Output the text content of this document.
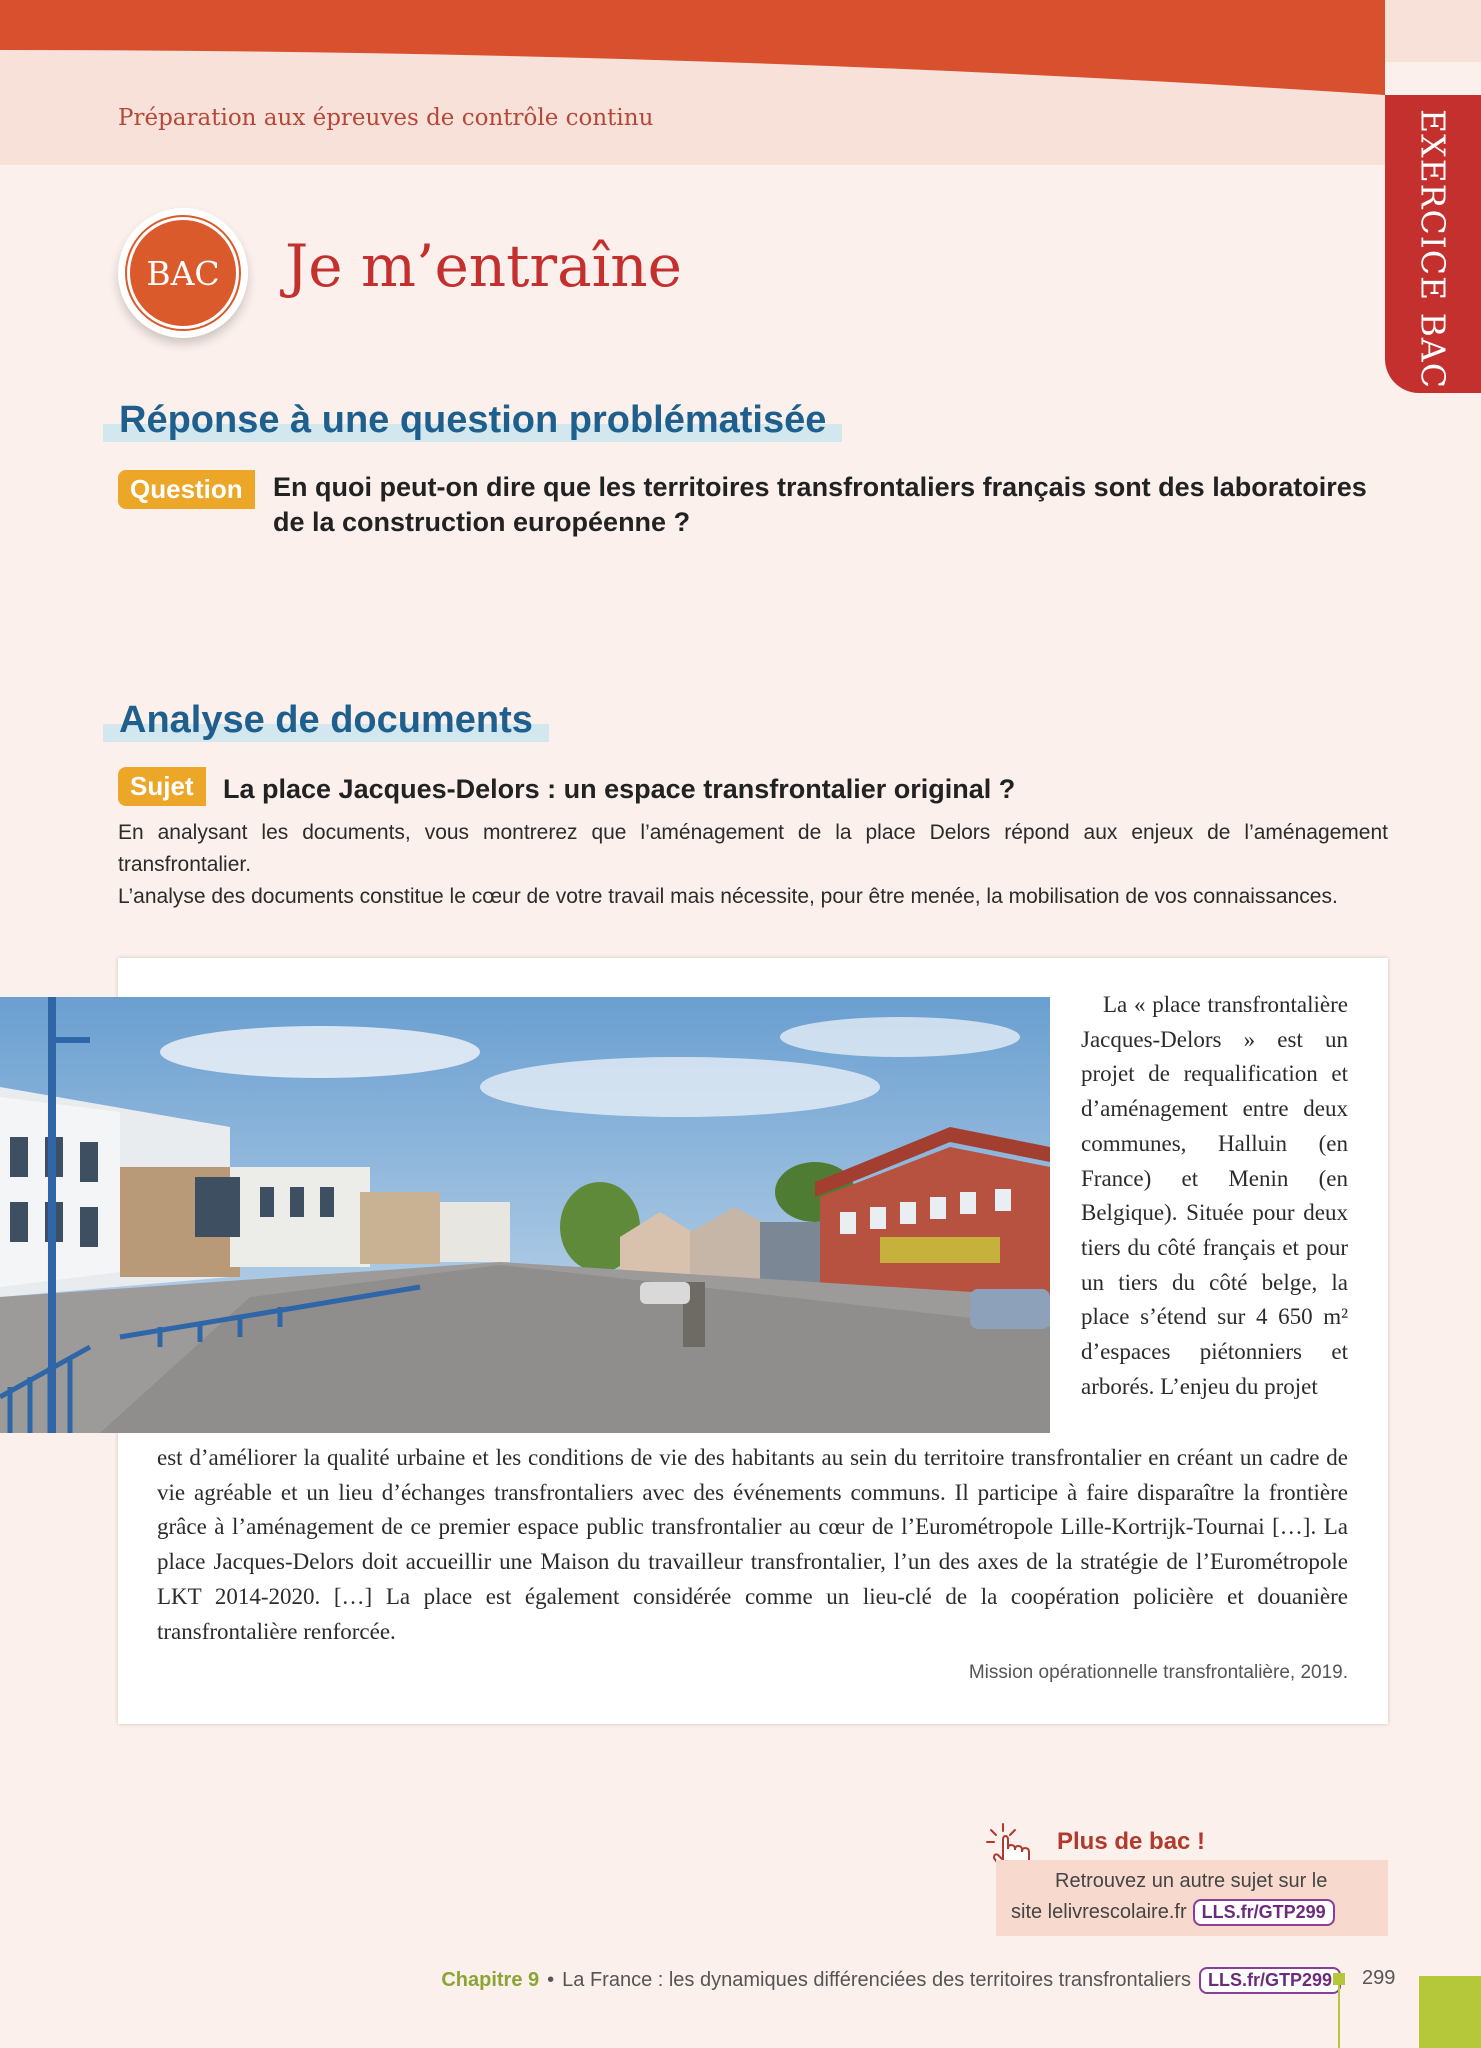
EXERCICE BAC
Préparation aux épreuves de contrôle continu
BAC	Je m’entraîne
Réponse à une question problématisée
Question	En quoi peut-on dire que les territoires transfrontaliers français sont des laboratoires de la construction européenne ?
Analyse de documents
Sujet	La place Jacques-Delors : un espace transfrontalier original ?
En analysant les documents, vous montrerez que l’aménagement de la place Delors répond aux enjeux de l’aménagement transfrontalier.
L’analyse des documents constitue le cœur de votre travail mais nécessite, pour être menée, la mobilisation de vos connaissances.

La « place transfrontalière Jacques-Delors » est un projet de requalification et d’aménagement entre deux communes, Halluin (en France) et Menin (en Belgique). Située pour deux tiers du côté français et pour un tiers du côté belge, la place s’étend sur 4 650 m² d’espaces piétonniers et arborés. L’enjeu du projet

est d’améliorer la qualité urbaine et les conditions de vie des habitants au sein du territoire transfrontalier en créant un cadre de vie agréable et un lieu d’échanges transfrontaliers avec des événements communs. Il participe à faire disparaître la frontière grâce à l’aménagement de ce premier espace public transfrontalier au cœur de l’Eurométropole Lille-Kortrijk-Tournai […]. La place Jacques-Delors doit accueillir une Maison du travailleur transfrontalier, l’un des axes de la stratégie de l’Eurométropole LKT 2014-2020. […] La place est également considérée comme un lieu-clé de la coopération policière et douanière transfrontalière renforcée.
Mission opérationnelle transfrontalière, 2019.
Plus de bac !
Retrouvez un autre sujet sur le
site lelivrescolaire.fr LLS.fr/GTP299
Chapitre 9 • La France : les dynamiques différenciées des territoires transfrontaliers LLS.fr/GTP299	299
